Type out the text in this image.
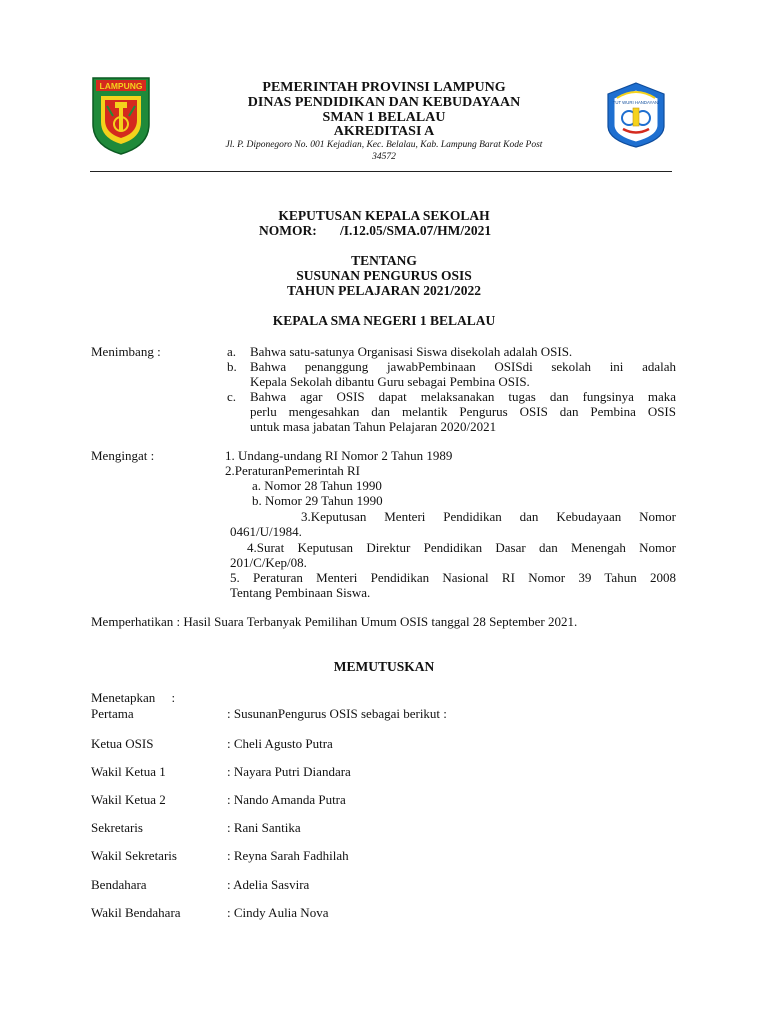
LAMPUNG
TUT WURI HANDAYANI
PEMERINTAH PROVINSI LAMPUNG
DINAS PENDIDIKAN DAN KEBUDAYAAN
SMAN 1 BELALAU
AKREDITASI A
Jl. P. Diponegoro No. 001 Kejadian, Kec. Belalau, Kab. Lampung Barat Kode Post
34572
KEPUTUSAN KEPALA SEKOLAH
NOMOR: /I.12.05/SMA.07/HM/2021
TENTANG
SUSUNAN PENGURUS OSIS
TAHUN PELAJARAN 2021/2022
KEPALA SMA NEGERI 1 BELALAU
Menimbang :	a. Bahwa satu-satunya Organisasi Siswa disekolah adalah OSIS.
b. Bahwa penanggung jawabPembinaan OSISdi sekolah ini adalah
Kepala Sekolah dibantu Guru sebagai Pembina OSIS.
c. Bahwa agar OSIS dapat melaksanakan tugas dan fungsinya maka
perlu mengesahkan dan melantik Pengurus OSIS dan Pembina OSIS
untuk masa jabatan Tahun Pelajaran 2020/2021
Mengingat :	1. Undang-undang RI Nomor 2 Tahun 1989
2.PeraturanPemerintah RI
a. Nomor 28 Tahun 1990
b. Nomor 29 Tahun 1990
3.Keputusan Menteri Pendidikan dan Kebudayaan Nomor
0461/U/1984.
4.Surat Keputusan Direktur Pendidikan Dasar dan Menengah Nomor
201/C/Kep/08.
5. Peraturan Menteri Pendidikan Nasional RI Nomor 39 Tahun 2008
Tentang Pembinaan Siswa.
Memperhatikan : Hasil Suara Terbanyak Pemilihan Umum OSIS tanggal 28 September 2021.
MEMUTUSKAN
Menetapkan     :
Pertama	: SusunanPengurus OSIS sebagai berikut :
Ketua OSIS	: Cheli Agusto Putra
Wakil Ketua 1	: Nayara Putri Diandara
Wakil Ketua 2	: Nando Amanda Putra
Sekretaris	: Rani Santika
Wakil Sekretaris	: Reyna Sarah Fadhilah
Bendahara	: Adelia Sasvira
Wakil Bendahara	: Cindy Aulia Nova
